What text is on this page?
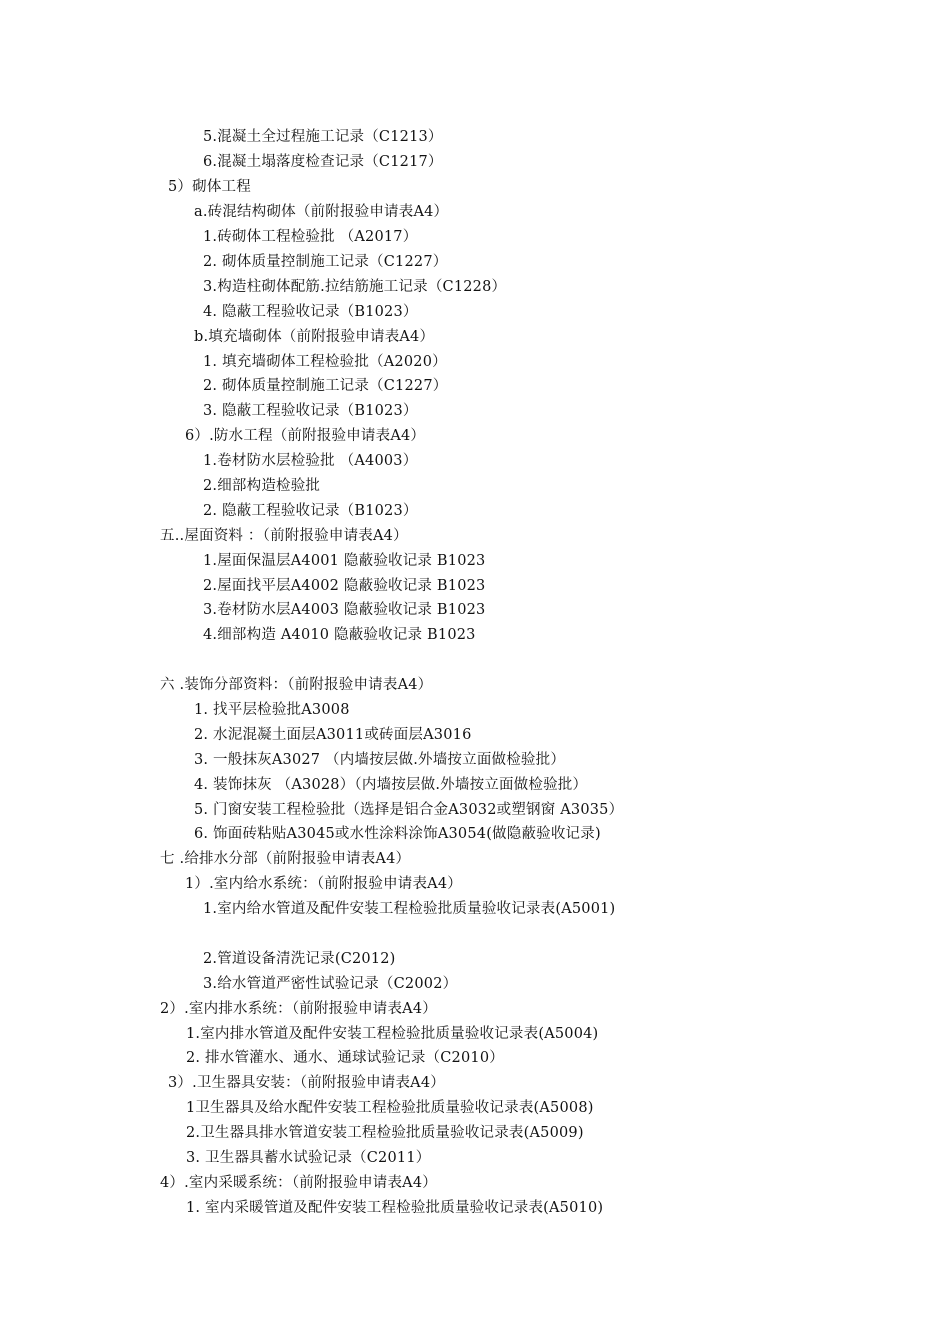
5.混凝土全过程施工记录（C1213）
6.混凝土塌落度检查记录（C1217）
5）砌体工程
a.砖混结构砌体（前附报验申请表A4）
1.砖砌体工程检验批 （A2017）
2. 砌体质量控制施工记录（C1227）
3.构造柱砌体配筋.拉结筋施工记录（C1228）
4. 隐蔽工程验收记录（B1023）
b.填充墙砌体（前附报验申请表A4）
1. 填充墙砌体工程检验批（A2020）
2. 砌体质量控制施工记录（C1227）
3. 隐蔽工程验收记录（B1023）
6）.防水工程（前附报验申请表A4）
1.卷材防水层检验批 （A4003）
2.细部构造检验批
2. 隐蔽工程验收记录（B1023）
五..屋面资料 ：（前附报验申请表A4）
1.屋面保温层A4001 隐蔽验收记录 B1023
2.屋面找平层A4002 隐蔽验收记录 B1023
3.卷材防水层A4003 隐蔽验收记录 B1023
4.细部构造 A4010 隐蔽验收记录 B1023
六 .装饰分部资料：（前附报验申请表A4）
1. 找平层检验批A3008
2. 水泥混凝土面层A3011或砖面层A3016
3. 一般抹灰A3027 （内墙按层做.外墙按立面做检验批）
4. 装饰抹灰 （A3028）（内墙按层做.外墙按立面做检验批）
5. 门窗安装工程检验批（选择是铝合金A3032或塑钢窗 A3035）
6. 饰面砖粘贴A3045或水性涂料涂饰A3054(做隐蔽验收记录)
七 .给排水分部（前附报验申请表A4）
1）.室内给水系统：（前附报验申请表A4）
1.室内给水管道及配件安装工程检验批质量验收记录表(A5001)
2.管道设备清洗记录(C2012)
3.给水管道严密性试验记录（C2002）
2）.室内排水系统：（前附报验申请表A4）
1.室内排水管道及配件安装工程检验批质量验收记录表(A5004)
2. 排水管灌水、通水、通球试验记录（C2010）
3）.卫生器具安装：（前附报验申请表A4）
1卫生器具及给水配件安装工程检验批质量验收记录表(A5008)
2.卫生器具排水管道安装工程检验批质量验收记录表(A5009)
3. 卫生器具蓄水试验记录（C2011）
4）.室内采暖系统：（前附报验申请表A4）
1. 室内采暖管道及配件安装工程检验批质量验收记录表(A5010)
